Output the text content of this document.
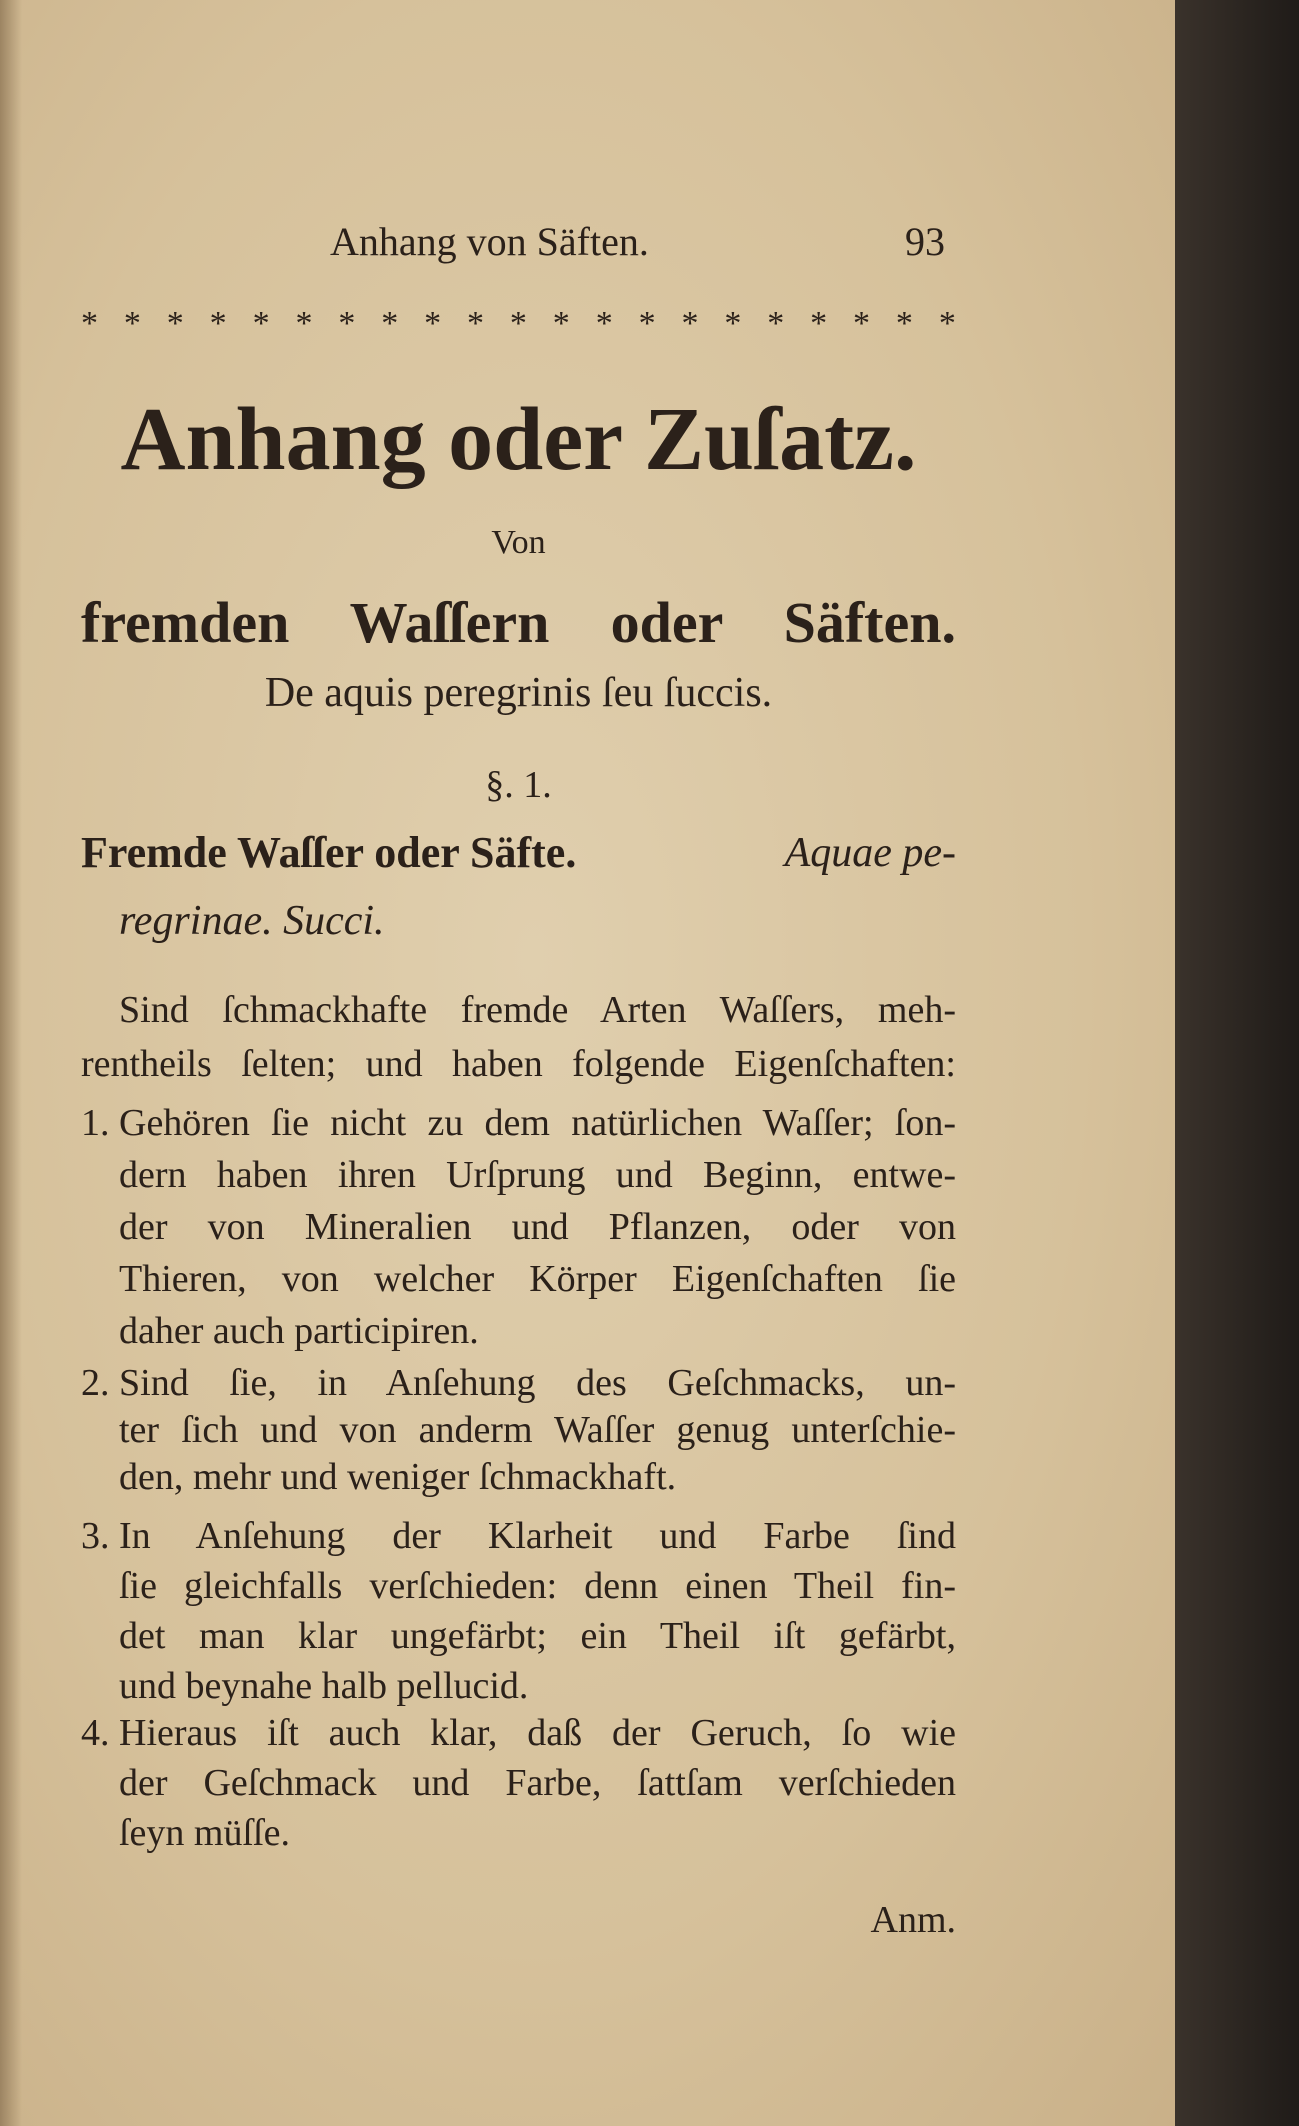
Anhang von Säften.	93
* * * * * * * * * * * * * * * * * * * * *
Anhang oder Zuſatz.
Von
fremden Waſſern oder Säften.
De aquis peregrinis ſeu ſuccis.
§. 1.
Fremde Waſſer oder Säfte.	Aquae pe-
regrinae. Succi.
Sind ſchmackhafte fremde Arten Waſſers, meh-
rentheils ſelten; und haben folgende Eigenſchaften:
1. Gehören ſie nicht zu dem natürlichen Waſſer; ſon-
dern haben ihren Urſprung und Beginn, entwe-
der von Mineralien und Pflanzen, oder von
Thieren, von welcher Körper Eigenſchaften ſie
daher auch participiren.
2. Sind ſie, in Anſehung des Geſchmacks, un-
ter ſich und von anderm Waſſer genug unterſchie-
den, mehr und weniger ſchmackhaft.
3. In Anſehung der Klarheit und Farbe ſind
ſie gleichfalls verſchieden: denn einen Theil fin-
det man klar ungefärbt; ein Theil iſt gefärbt,
und beynahe halb pellucid.
4. Hieraus iſt auch klar, daß der Geruch, ſo wie
der Geſchmack und Farbe, ſattſam verſchieden
ſeyn müſſe.
Anm.
